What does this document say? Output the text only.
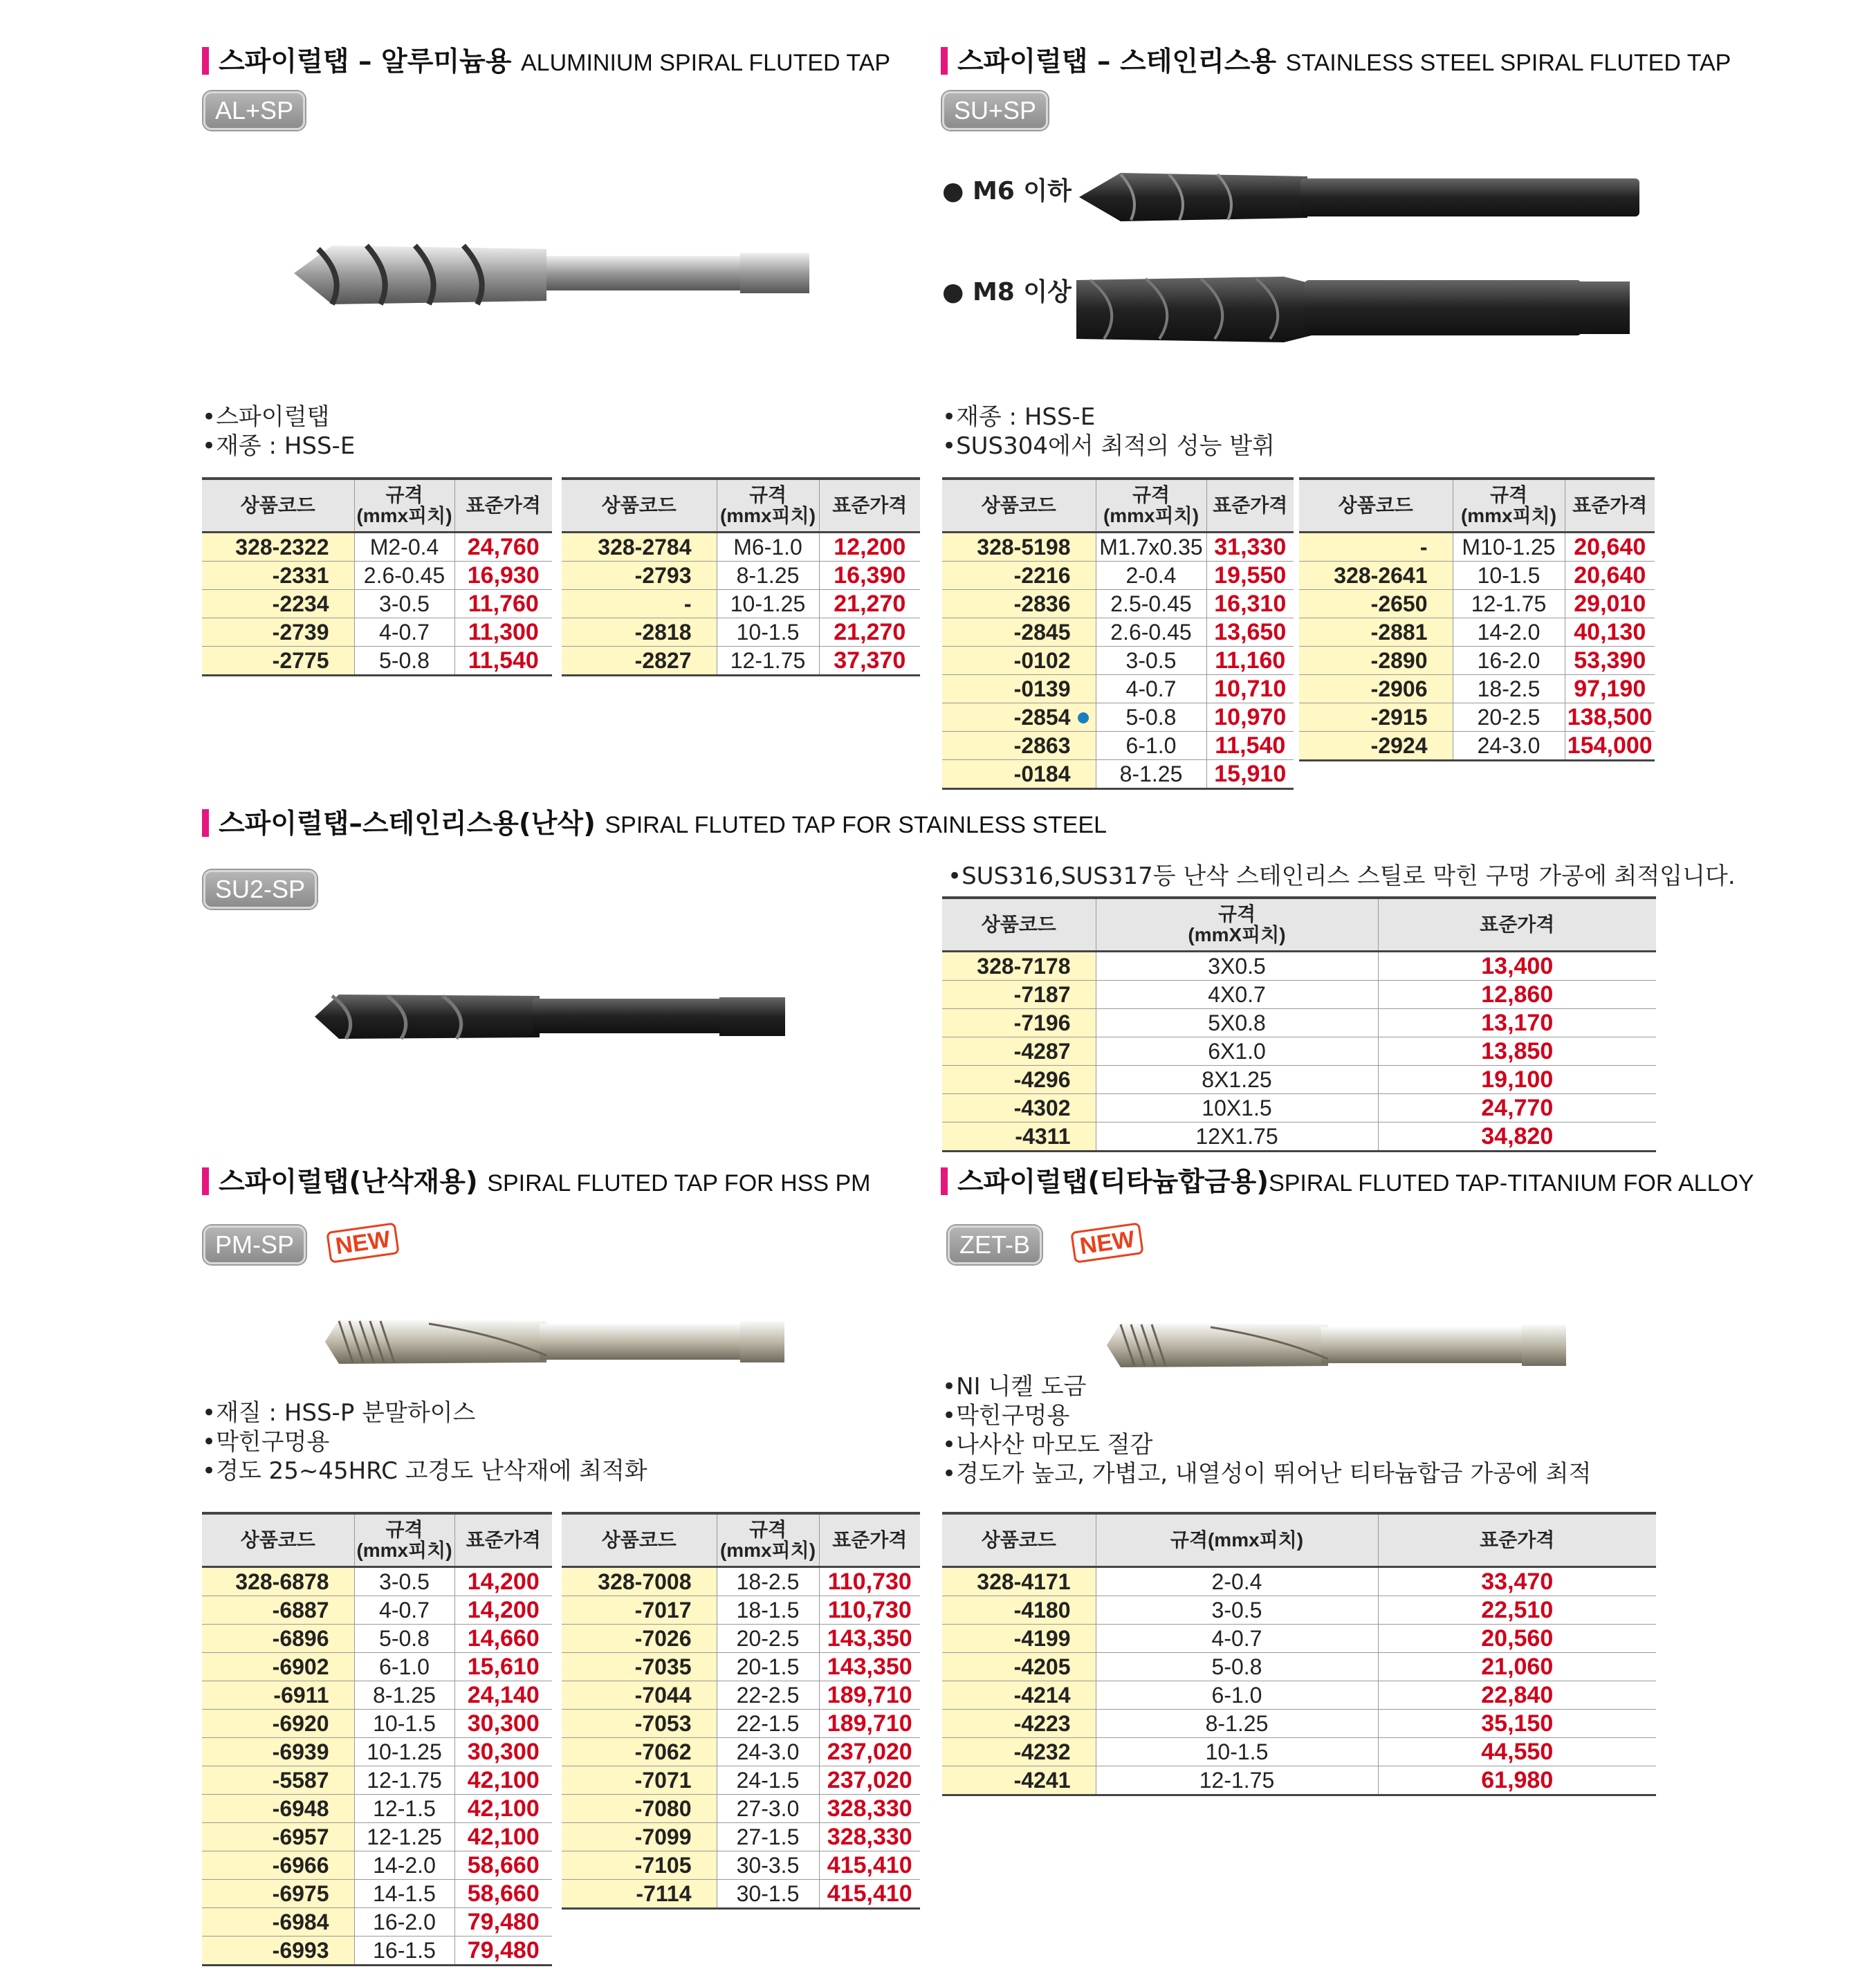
스파이럴탭 – 알루미늄용 ALUMINIUM SPIRAL FLUTED TAP
AL+SP
• 스파이럴탭
• 재종 : HSS-E
상품코드	규격
(mmx피치)	표준가격
328-2322	M2-0.4	24,760
-2331	2.6-0.45	16,930
-2234	3-0.5	11,760
-2739	4-0.7	11,300
-2775	5-0.8	11,540
상품코드	규격
(mmx피치)	표준가격
328-2784	M6-1.0	12,200
-2793	8-1.25	16,390
-	10-1.25	21,270
-2818	10-1.5	21,270
-2827	12-1.75	37,370
스파이럴탭 – 스테인리스용 STAINLESS STEEL SPIRAL FLUTED TAP
SU+SP
● M6 이하
● M8 이상
• 재종 : HSS-E
• SUS304에서 최적의 성능 발휘
상품코드	규격
(mmx피치)	표준가격
328-5198	M1.7x0.35	31,330
-2216	2-0.4	19,550
-2836	2.5-0.45	16,310
-2845	2.6-0.45	13,650
-0102	3-0.5	11,160
-0139	4-0.7	10,710
-2854	5-0.8	10,970
-2863	6-1.0	11,540
-0184	8-1.25	15,910
상품코드	규격
(mmx피치)	표준가격
-	M10-1.25	20,640
328-2641	10-1.5	20,640
-2650	12-1.75	29,010
-2881	14-2.0	40,130
-2890	16-2.0	53,390
-2906	18-2.5	97,190
-2915	20-2.5	138,500
-2924	24-3.0	154,000
스파이럴탭–스테인리스용(난삭) SPIRAL FLUTED TAP FOR STAINLESS STEEL
SU2-SP	• SUS316,SUS317등 난삭 스테인리스 스틸로 막힌 구멍 가공에 최적입니다.
상품코드	규격
(mmX피치)	표준가격
328-7178	3X0.5	13,400
-7187	4X0.7	12,860
-7196	5X0.8	13,170
-4287	6X1.0	13,850
-4296	8X1.25	19,100
-4302	10X1.5	24,770
-4311	12X1.75	34,820
스파이럴탭(난삭재용) SPIRAL FLUTED TAP FOR HSS PM
PM-SP	NEW
• 재질 : HSS-P 분말하이스
• 막힌구멍용
• 경도 25~45HRC 고경도 난삭재에 최적화
상품코드	규격
(mmx피치)	표준가격
328-6878	3-0.5	14,200
-6887	4-0.7	14,200
-6896	5-0.8	14,660
-6902	6-1.0	15,610
-6911	8-1.25	24,140
-6920	10-1.5	30,300
-6939	10-1.25	30,300
-5587	12-1.75	42,100
-6948	12-1.5	42,100
-6957	12-1.25	42,100
-6966	14-2.0	58,660
-6975	14-1.5	58,660
-6984	16-2.0	79,480
-6993	16-1.5	79,480
상품코드	규격
(mmx피치)	표준가격
328-7008	18-2.5	110,730
-7017	18-1.5	110,730
-7026	20-2.5	143,350
-7035	20-1.5	143,350
-7044	22-2.5	189,710
-7053	22-1.5	189,710
-7062	24-3.0	237,020
-7071	24-1.5	237,020
-7080	27-3.0	328,330
-7099	27-1.5	328,330
-7105	30-3.5	415,410
-7114	30-1.5	415,410
스파이럴탭(티타늄합금용)SPIRAL FLUTED TAP-TITANIUM FOR ALLOY
ZET-B	NEW
• NI 니켈 도금
• 막힌구멍용
• 나사산 마모도 절감
• 경도가 높고, 가볍고, 내열성이 뛰어난 티타늄합금 가공에 최적
상품코드	규격(mmx피치)	표준가격
328-4171	2-0.4	33,470
-4180	3-0.5	22,510
-4199	4-0.7	20,560
-4205	5-0.8	21,060
-4214	6-1.0	22,840
-4223	8-1.25	35,150
-4232	10-1.5	44,550
-4241	12-1.75	61,980
